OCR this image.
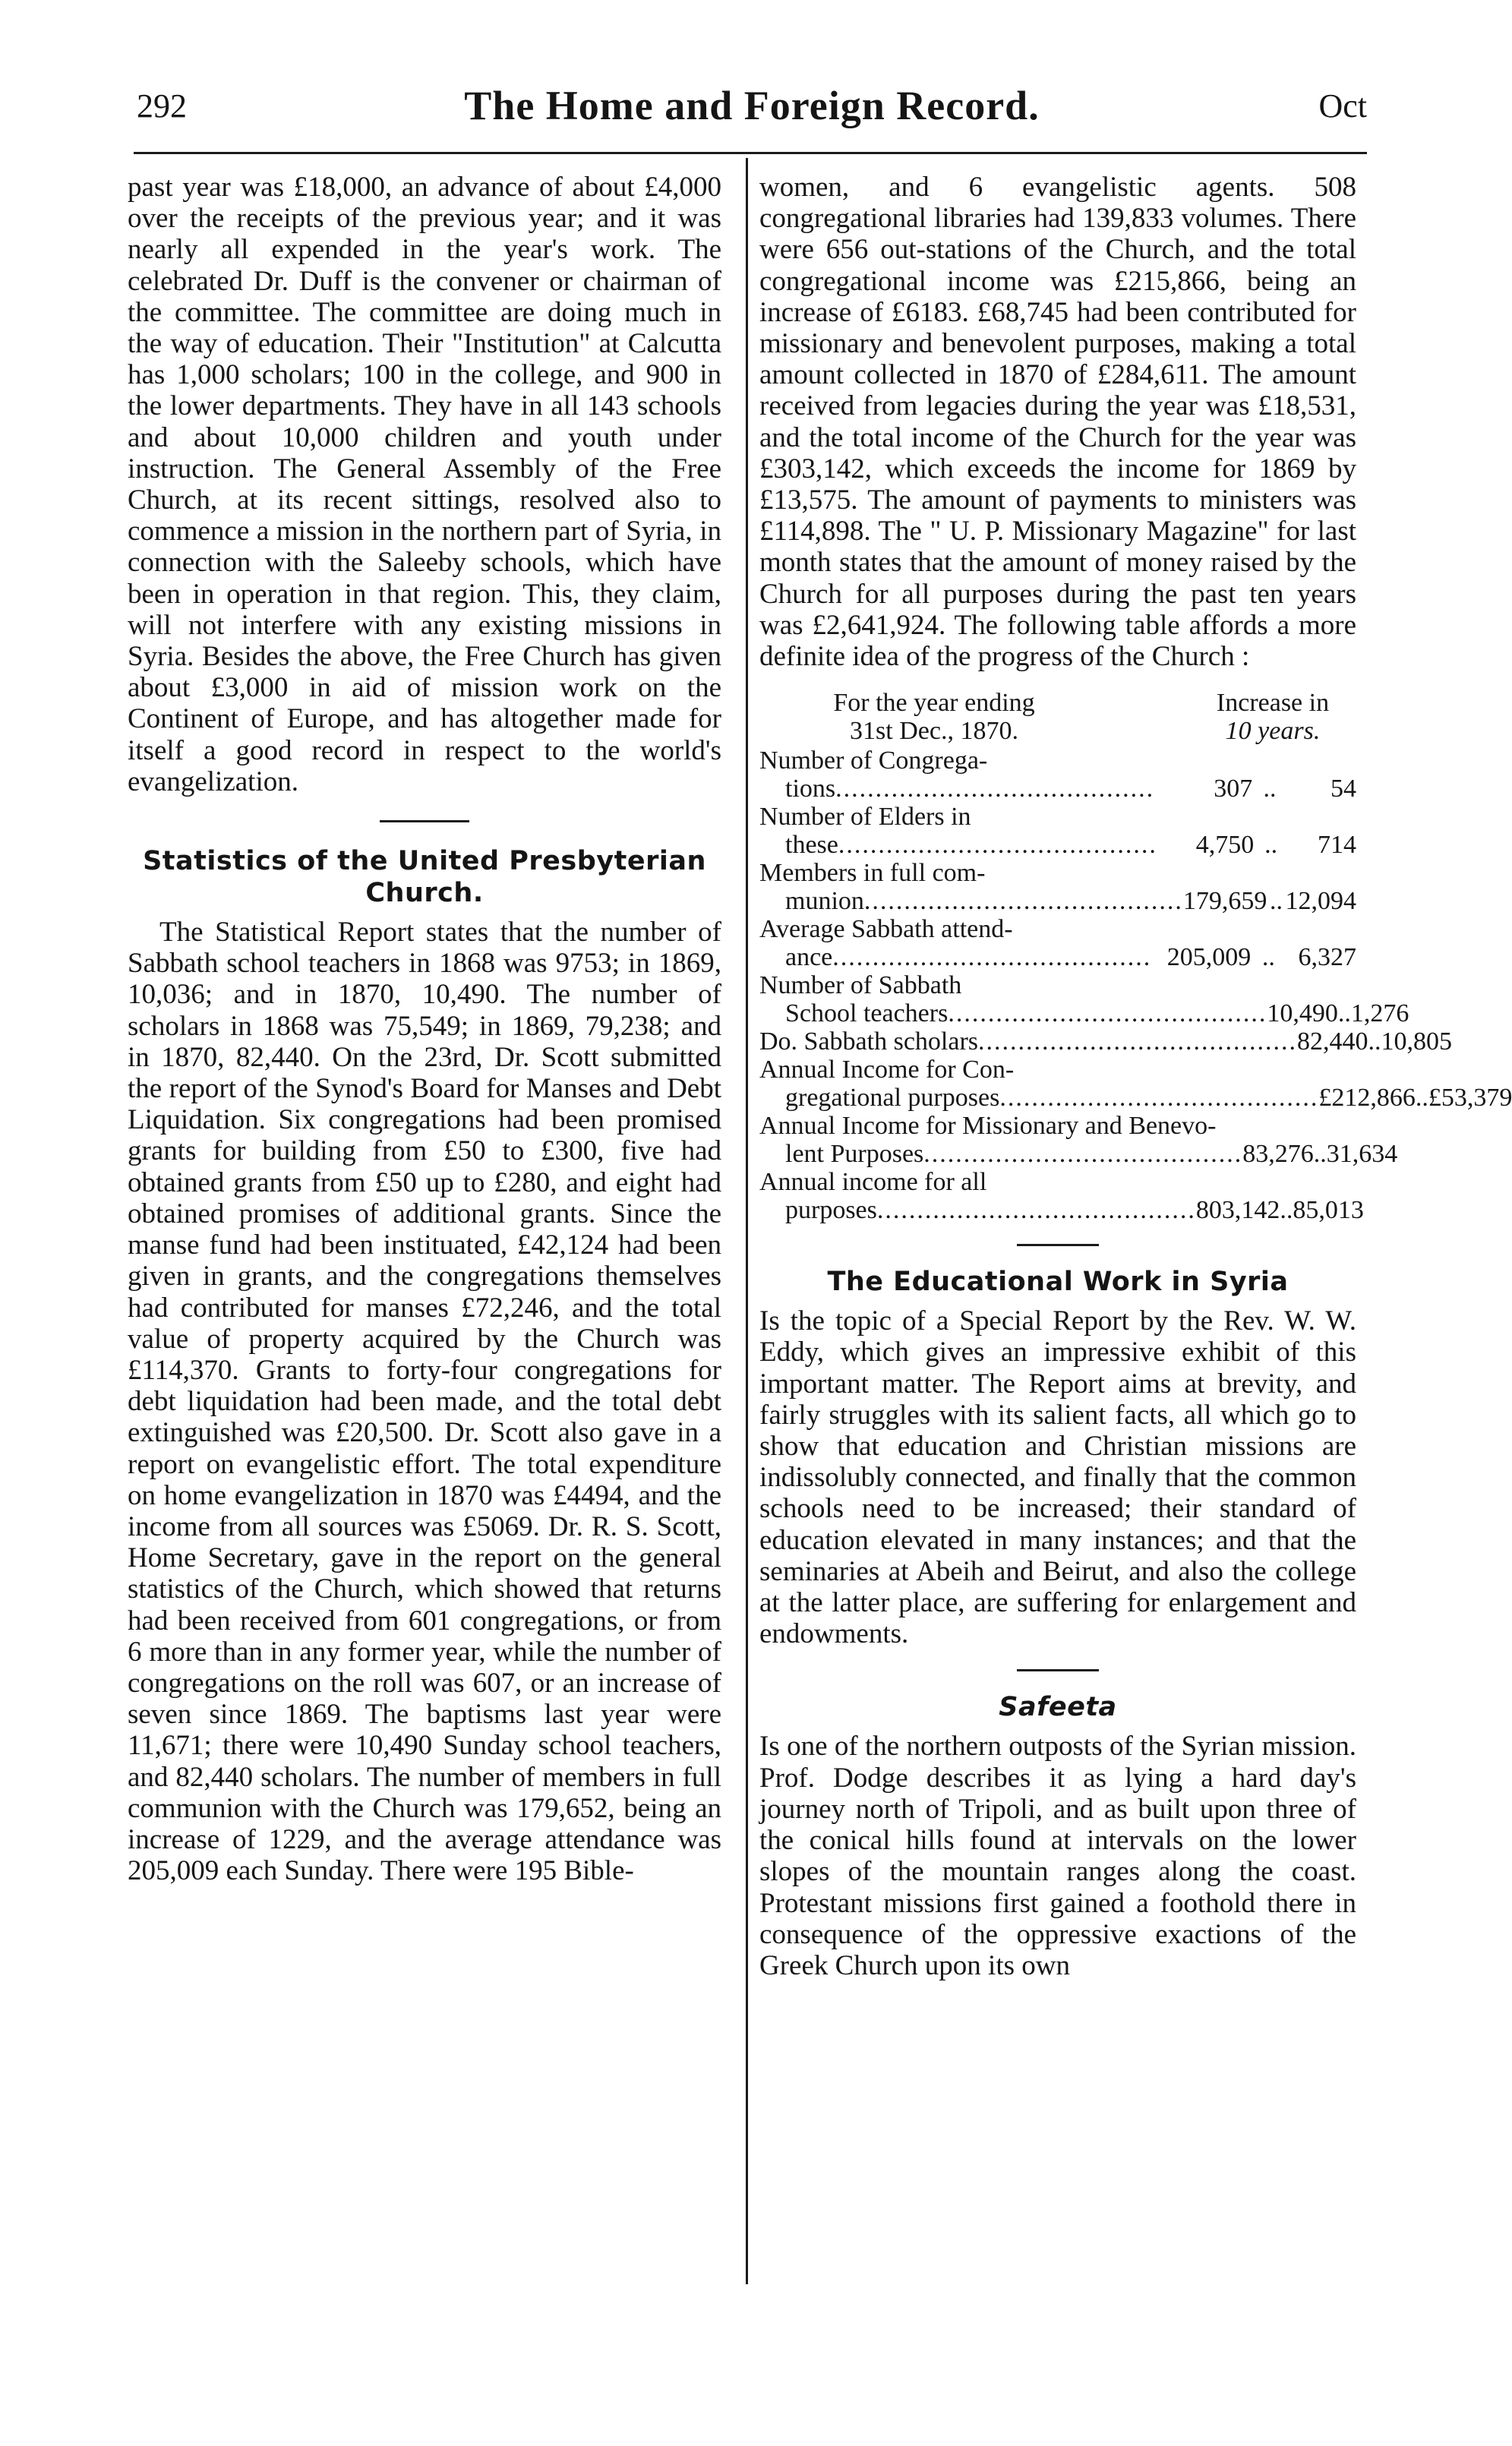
292	The Home and Foreign Record.	Oct

past year was £18,000, an advance of about £4,000 over the receipts of the previous year; and it was nearly all expended in the year's work. The celebrated Dr. Duff is the convener or chairman of the committee. The committee are doing much in the way of education. Their "Institution" at Calcutta has 1,000 scholars; 100 in the college, and 900 in the lower departments. They have in all 143 schools and about 10,000 children and youth under instruction. The General Assembly of the Free Church, at its recent sittings, resolved also to commence a mission in the northern part of Syria, in connection with the Saleeby schools, which have been in operation in that region. This, they claim, will not interfere with any existing missions in Syria. Besides the above, the Free Church has given about £3,000 in aid of mission work on the Continent of Europe, and has altogether made for itself a good record in respect to the world's evangelization.

Statistics of the United Presbyterian Church.

The Statistical Report states that the number of Sabbath school teachers in 1868 was 9753; in 1869, 10,036; and in 1870, 10,490. The number of scholars in 1868 was 75,549; in 1869, 79,238; and in 1870, 82,440. On the 23rd, Dr. Scott submitted the report of the Synod's Board for Manses and Debt Liquidation. Six congregations had been promised grants for building from £50 to £300, five had obtained grants from £50 up to £280, and eight had obtained promises of additional grants. Since the manse fund had been instituated, £42,124 had been given in grants, and the congregations themselves had contributed for manses £72,246, and the total value of property acquired by the Church was £114,370. Grants to forty-four congregations for debt liquidation had been made, and the total debt extinguished was £20,500. Dr. Scott also gave in a report on evangelistic effort. The total expenditure on home evangelization in 1870 was £4494, and the income from all sources was £5069. Dr. R. S. Scott, Home Secretary, gave in the report on the general statistics of the Church, which showed that returns had been received from 601 congregations, or from 6 more than in any former year, while the number of congregations on the roll was 607, or an increase of seven since 1869. The baptisms last year were 11,671; there were 10,490 Sunday school teachers, and 82,440 scholars. The number of members in full communion with the Church was 179,652, being an increase of 1229, and the average attendance was 205,009 each Sunday. There were 195 Bible-

women, and 6 evangelistic agents. 508 congregational libraries had 139,833 volumes. There were 656 out-stations of the Church, and the total congregational income was £215,866, being an increase of £6183. £68,745 had been contributed for missionary and benevolent purposes, making a total amount collected in 1870 of £284,611. The amount received from legacies during the year was £18,531, and the total income of the Church for the year was £303,142, which exceeds the income for 1869 by £13,575. The amount of payments to ministers was £114,898. The " U. P. Missionary Magazine" for last month states that the amount of money raised by the Church for all purposes during the past ten years was £2,641,924. The following table affords a more definite idea of the progress of the Church :

For the year ending
31st Dec., 1870.
Increase in
10 years.
Number of Congrega-
tions ........................................	307 ..	54
Number of Elders in
these ........................................	4,750 ..	714
Members in full com-
munion ........................................ 179,659 .. 12,094
Average Sabbath attend-
ance ........................................ 205,009 .. 6,327
Number of Sabbath
School teachers ........................................ 10,490 .. 1,276
Do. Sabbath scholars ........................................ 82,440 .. 10,805
Annual Income for Con-
gregational purposes ........................................ £212,866 .. £53,379
Annual Income for Missionary and Benevo-
lent Purposes ........................................ 83,276 .. 31,634
Annual income for all
purposes ........................................ 803,142 .. 85,013
The Educational Work in Syria

Is the topic of a Special Report by the Rev. W. W. Eddy, which gives an impressive exhibit of this important matter. The Report aims at brevity, and fairly struggles with its salient facts, all which go to show that education and Christian missions are indissolubly connected, and finally that the common schools need to be increased; their standard of education elevated in many instances; and that the seminaries at Abeih and Beirut, and also the college at the latter place, are suffering for enlargement and endowments.

Safeeta

Is one of the northern outposts of the Syrian mission. Prof. Dodge describes it as lying a hard day's journey north of Tripoli, and as built upon three of the conical hills found at intervals on the lower slopes of the mountain ranges along the coast. Protestant missions first gained a foothold there in consequence of the oppressive exactions of the Greek Church upon its own
